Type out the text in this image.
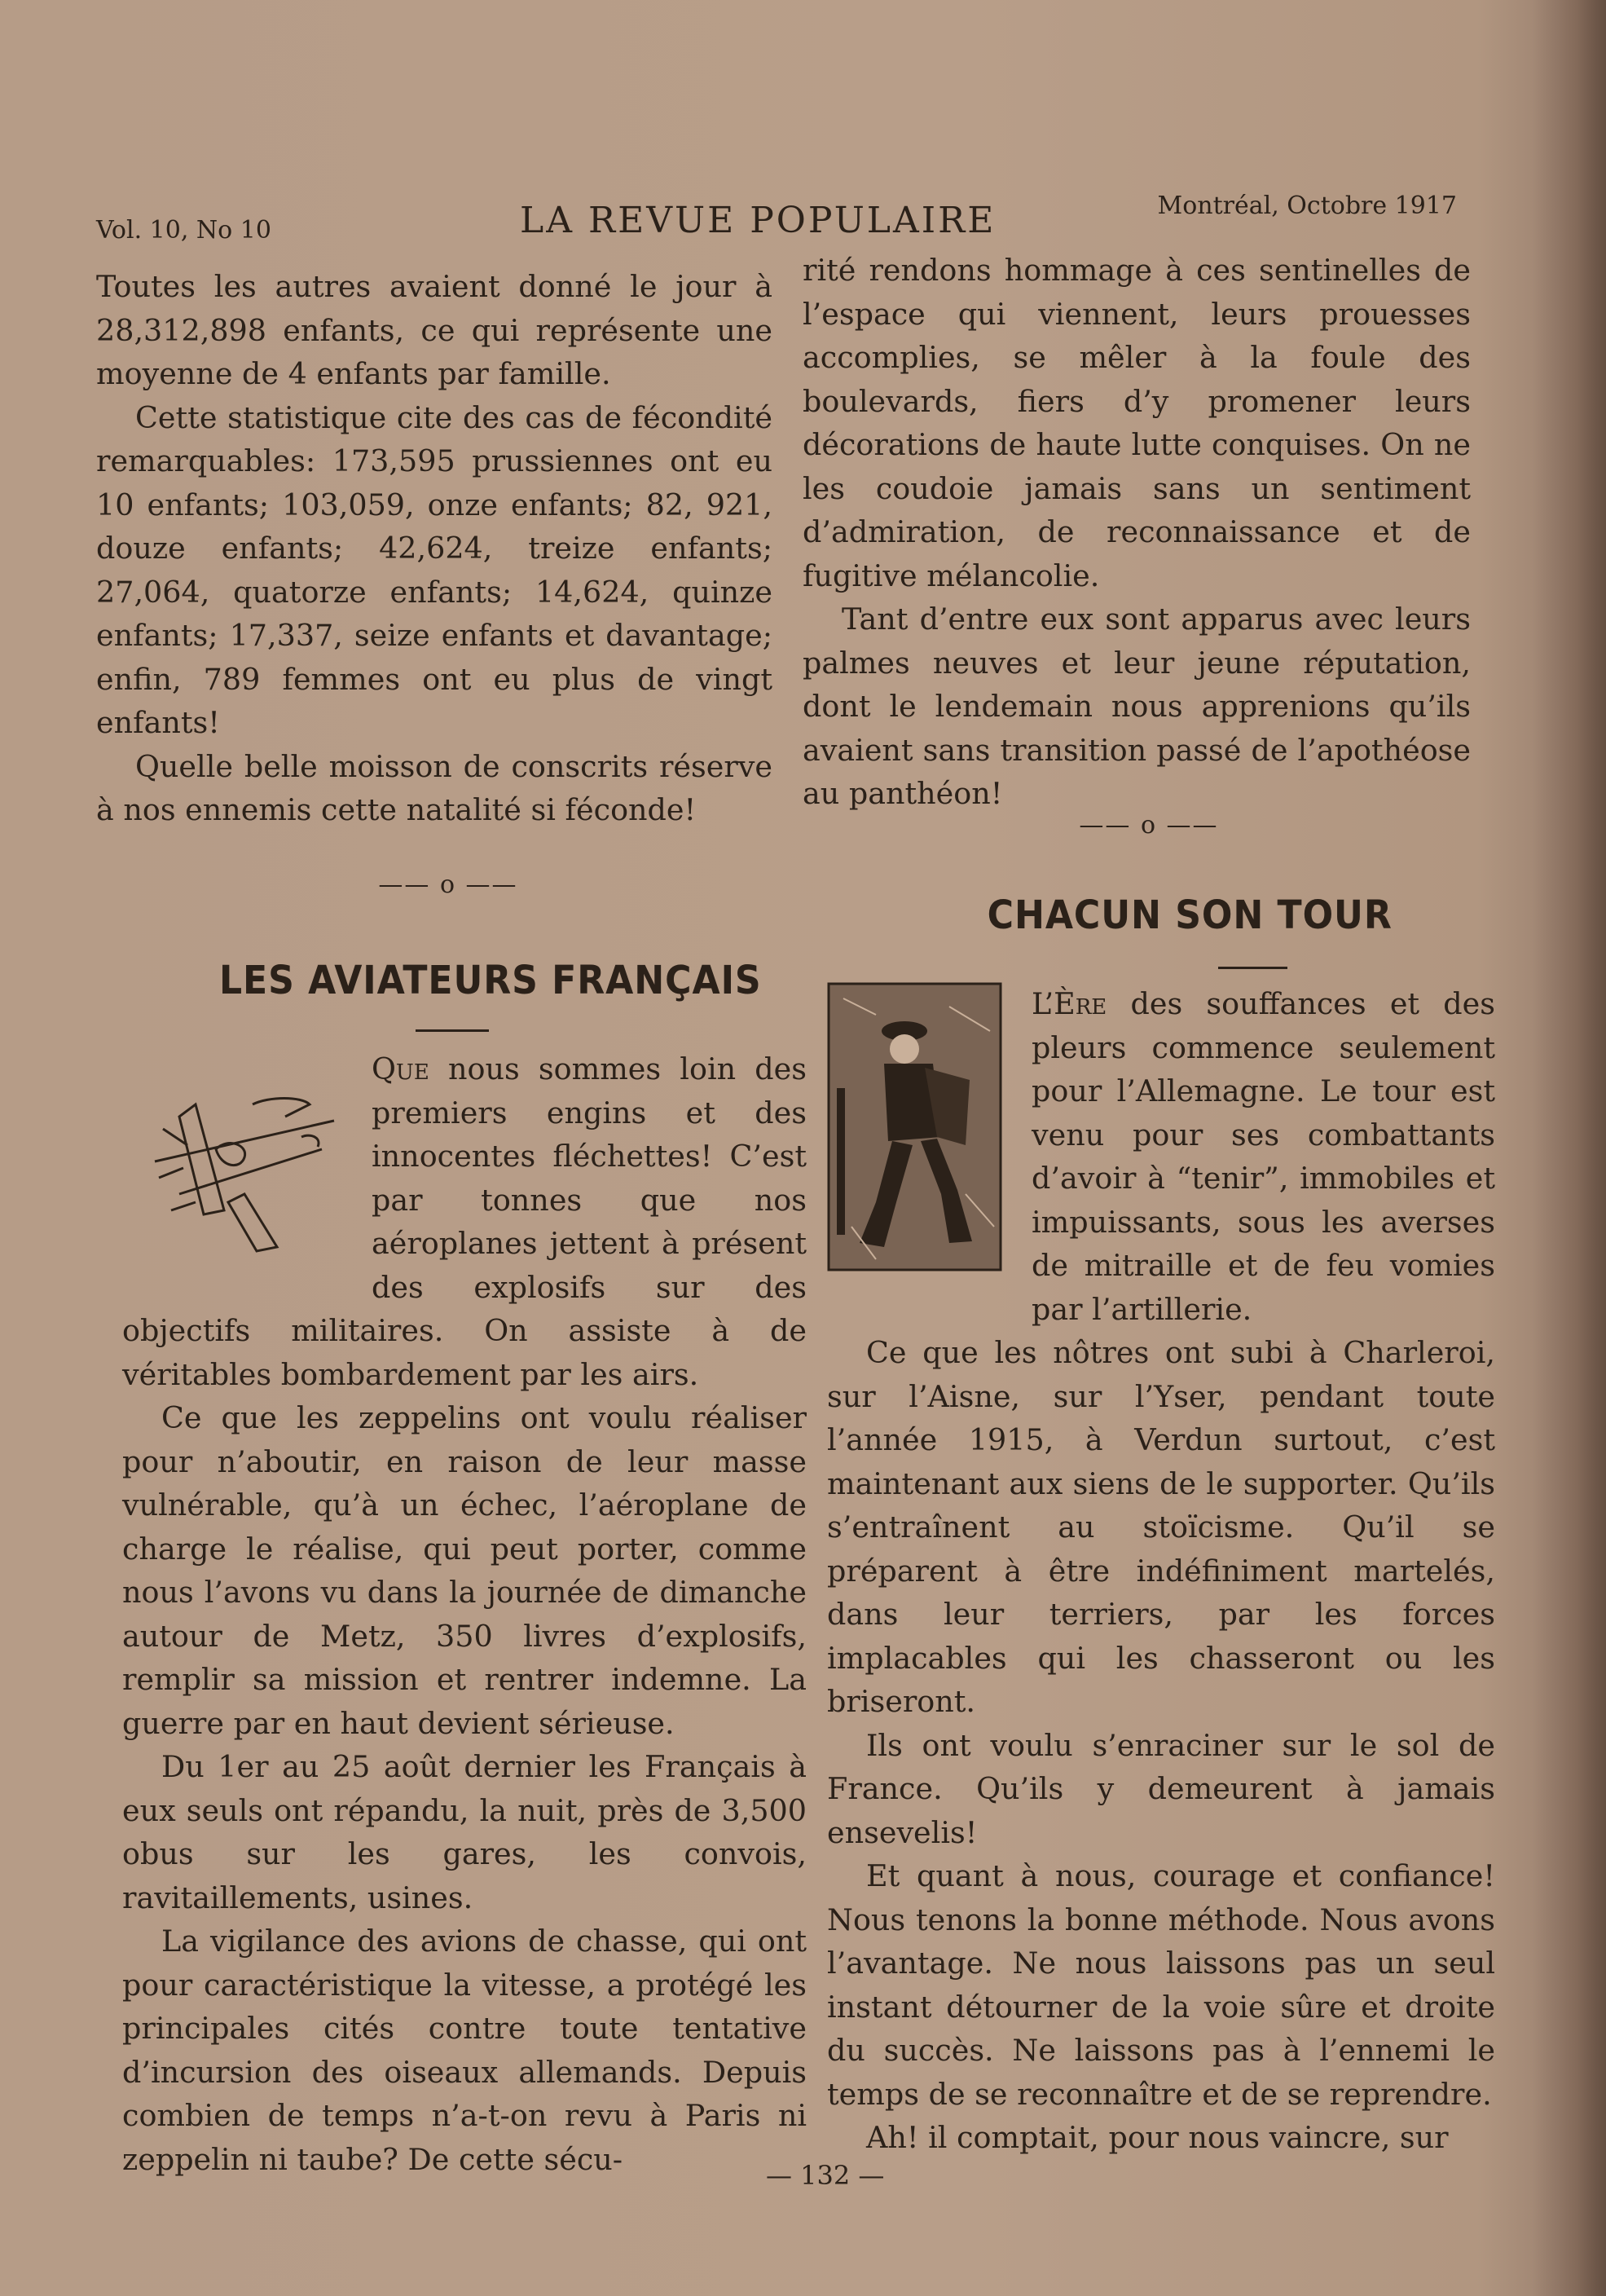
Vol. 10, No 10	LA REVUE POPULAIRE	Montréal, Octobre 1917

Toutes les autres avaient donné le jour à 28,312,898 enfants, ce qui représente une moyenne de 4 enfants par famille.

Cette statistique cite des cas de fécondité remarquables: 173,595 prussiennes ont eu 10 enfants; 103,059, onze enfants; 82, 921, douze enfants; 42,624, treize enfants; 27,064, quatorze enfants; 14,624, quinze enfants; 17,337, seize enfants et davantage; enfin, 789 femmes ont eu plus de vingt enfants!

Quelle belle moisson de conscrits réserve à nos ennemis cette natalité si féconde!

—— o ——

rité rendons hommage à ces sentinelles de l’espace qui viennent, leurs prouesses accomplies, se mêler à la foule des boulevards, fiers d’y promener leurs décorations de haute lutte conquises. On ne les coudoie jamais sans un sentiment d’admiration, de reconnaissance et de fugitive mélancolie.

Tant d’entre eux sont apparus avec leurs palmes neuves et leur jeune réputation, dont le lendemain nous apprenions qu’ils avaient sans transition passé de l’apothéose au panthéon!

—— o ——
LES AVIATEURS FRANÇAIS
CHACUN SON TOUR

Que nous sommes loin des premiers engins et des innocentes fléchettes! C’est par tonnes que nos aéroplanes jettent à présent des explosifs sur des objectifs militaires. On assiste à de véritables bombardement par les airs.

Ce que les zeppelins ont voulu réaliser pour n’aboutir, en raison de leur masse vulnérable, qu’à un échec, l’aéroplane de charge le réalise, qui peut porter, comme nous l’avons vu dans la journée de dimanche autour de Metz, 350 livres d’explosifs, remplir sa mission et rentrer indemne. La guerre par en haut devient sérieuse.

Du 1er au 25 août dernier les Français à eux seuls ont répandu, la nuit, près de 3,500 obus sur les gares, les convois, ravitaillements, usines.

La vigilance des avions de chasse, qui ont pour caractéristique la vitesse, a protégé les principales cités contre toute tentative d’incursion des oiseaux allemands. Depuis combien de temps n’a-t-on revu à Paris ni zeppelin ni taube? De cette sécu-

L’Ère des souffances et des pleurs commence seulement pour l’Allemagne. Le tour est venu pour ses combattants d’avoir à “tenir”, immobiles et impuissants, sous les averses de mitraille et de feu vomies par l’artillerie.

Ce que les nôtres ont subi à Charleroi, sur l’Aisne, sur l’Yser, pendant toute l’année 1915, à Verdun surtout, c’est maintenant aux siens de le supporter. Qu’ils s’entraînent au stoïcisme. Qu’il se préparent à être indéfiniment martelés, dans leur terriers, par les forces implacables qui les chasseront ou les briseront.

Ils ont voulu s’enraciner sur le sol de France. Qu’ils y demeurent à jamais ensevelis!

Et quant à nous, courage et confiance! Nous tenons la bonne méthode. Nous avons l’avantage. Ne nous laissons pas un seul instant détourner de la voie sûre et droite du succès. Ne laissons pas à l’ennemi le temps de se reconnaître et de se reprendre.

Ah! il comptait, pour nous vaincre, sur

— 132 —
